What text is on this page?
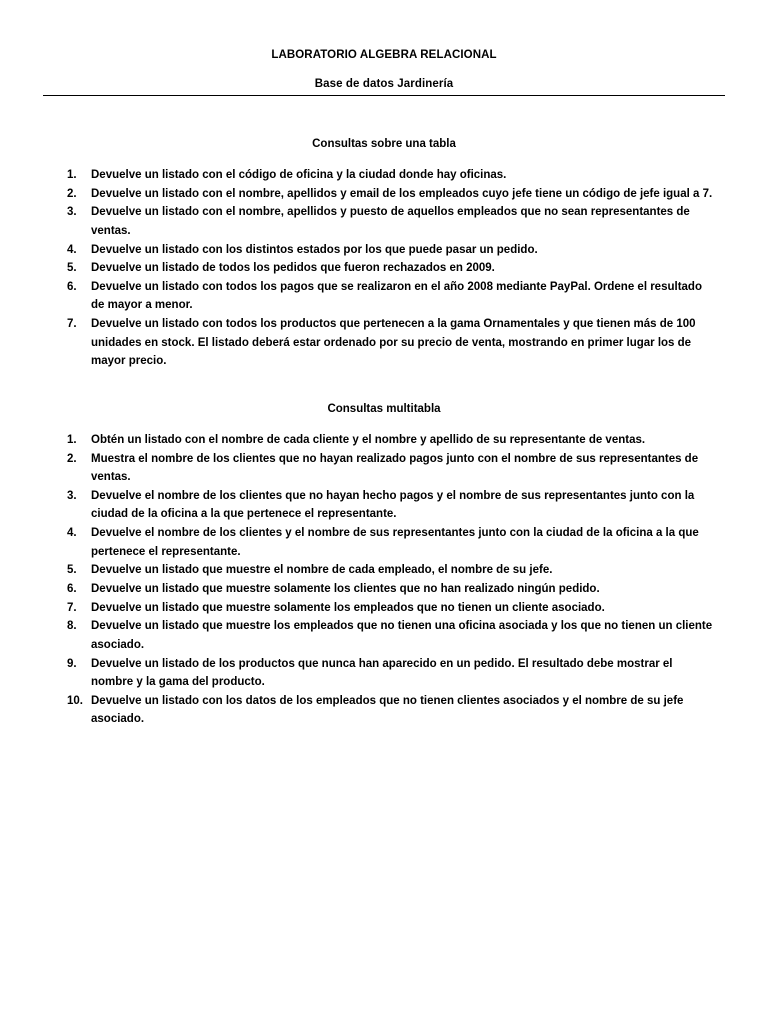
LABORATORIO ALGEBRA RELACIONAL
Base de datos Jardinería
Consultas sobre una tabla
1. Devuelve un listado con el código de oficina y la ciudad donde hay oficinas.
2. Devuelve un listado con el nombre, apellidos y email de los empleados cuyo jefe tiene un código de jefe igual a 7.
3. Devuelve un listado con el nombre, apellidos y puesto de aquellos empleados que no sean representantes de ventas.
4. Devuelve un listado con los distintos estados por los que puede pasar un pedido.
5. Devuelve un listado de todos los pedidos que fueron rechazados en 2009.
6. Devuelve un listado con todos los pagos que se realizaron en el año 2008 mediante PayPal. Ordene el resultado de mayor a menor.
7. Devuelve un listado con todos los productos que pertenecen a la gama Ornamentales y que tienen más de 100 unidades en stock. El listado deberá estar ordenado por su precio de venta, mostrando en primer lugar los de mayor precio.
Consultas multitabla
1. Obtén un listado con el nombre de cada cliente y el nombre y apellido de su representante de ventas.
2. Muestra el nombre de los clientes que no hayan realizado pagos junto con el nombre de sus representantes de ventas.
3. Devuelve el nombre de los clientes que no hayan hecho pagos y el nombre de sus representantes junto con la ciudad de la oficina a la que pertenece el representante.
4. Devuelve el nombre de los clientes y el nombre de sus representantes junto con la ciudad de la oficina a la que pertenece el representante.
5. Devuelve un listado que muestre el nombre de cada empleado, el nombre de su jefe.
6. Devuelve un listado que muestre solamente los clientes que no han realizado ningún pedido.
7. Devuelve un listado que muestre solamente los empleados que no tienen un cliente asociado.
8. Devuelve un listado que muestre los empleados que no tienen una oficina asociada y los que no tienen un cliente asociado.
9. Devuelve un listado de los productos que nunca han aparecido en un pedido. El resultado debe mostrar el nombre y la gama del producto.
10. Devuelve un listado con los datos de los empleados que no tienen clientes asociados y el nombre de su jefe asociado.
